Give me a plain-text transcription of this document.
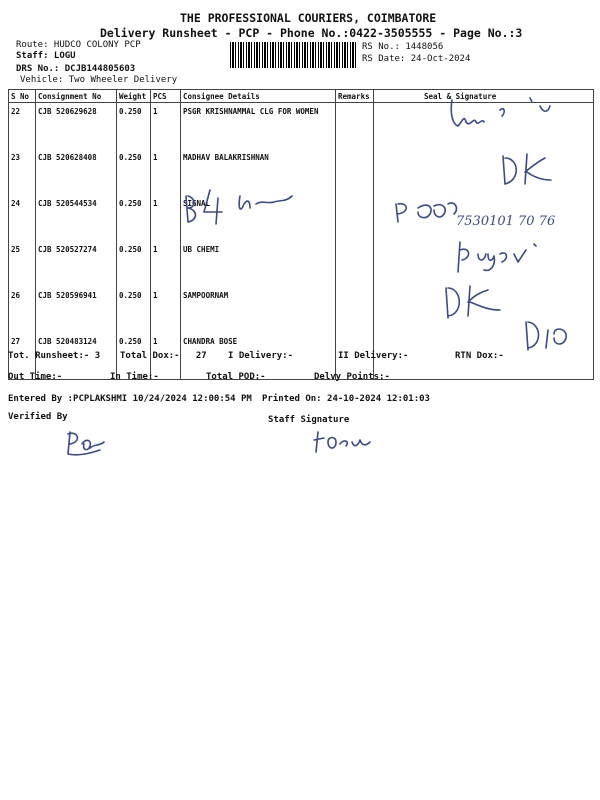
THE PROFESSIONAL COURIERS, COIMBATORE
Delivery Runsheet - PCP - Phone No.:0422-3505555 - Page No.:3
Route: HUDCO COLONY PCP
Staff: LOGU
DRS No.: DCJB144805603
Vehicle: Two Wheeler Delivery
RS No.: 1448056
RS Date: 24-Oct-2024
S No	Consignment No	Weight	PCS	Consignee Details	Remarks	Seal & Signature
22	CJB 520629628	0.250	1	PSGR KRISHNAMMAL CLG FOR WOMEN		
23	CJB 520628408	0.250	1	MADHAV BALAKRISHNAN		
24	CJB 520544534	0.250	1	SIGNAL		
25	CJB 520527274	0.250	1	UB CHEMI		
26	CJB 520596941	0.250	1	SAMPOORNAM		
27	CJB 520483124	0.250	1	CHANDRA BOSE		
7530101 70 76
Tot. Runsheet:- 3 Total Dox:-   27 I Delivery:-	II Delivery:-	RTN Dox:-
Out Time:-	In Time:-	Total POD:-	Delvy Points:-
Entered By :PCPLAKSHMI 10/24/2024 12:00:54 PM Printed On: 24-10-2024 12:01:03
Verified By	Staff Signature
